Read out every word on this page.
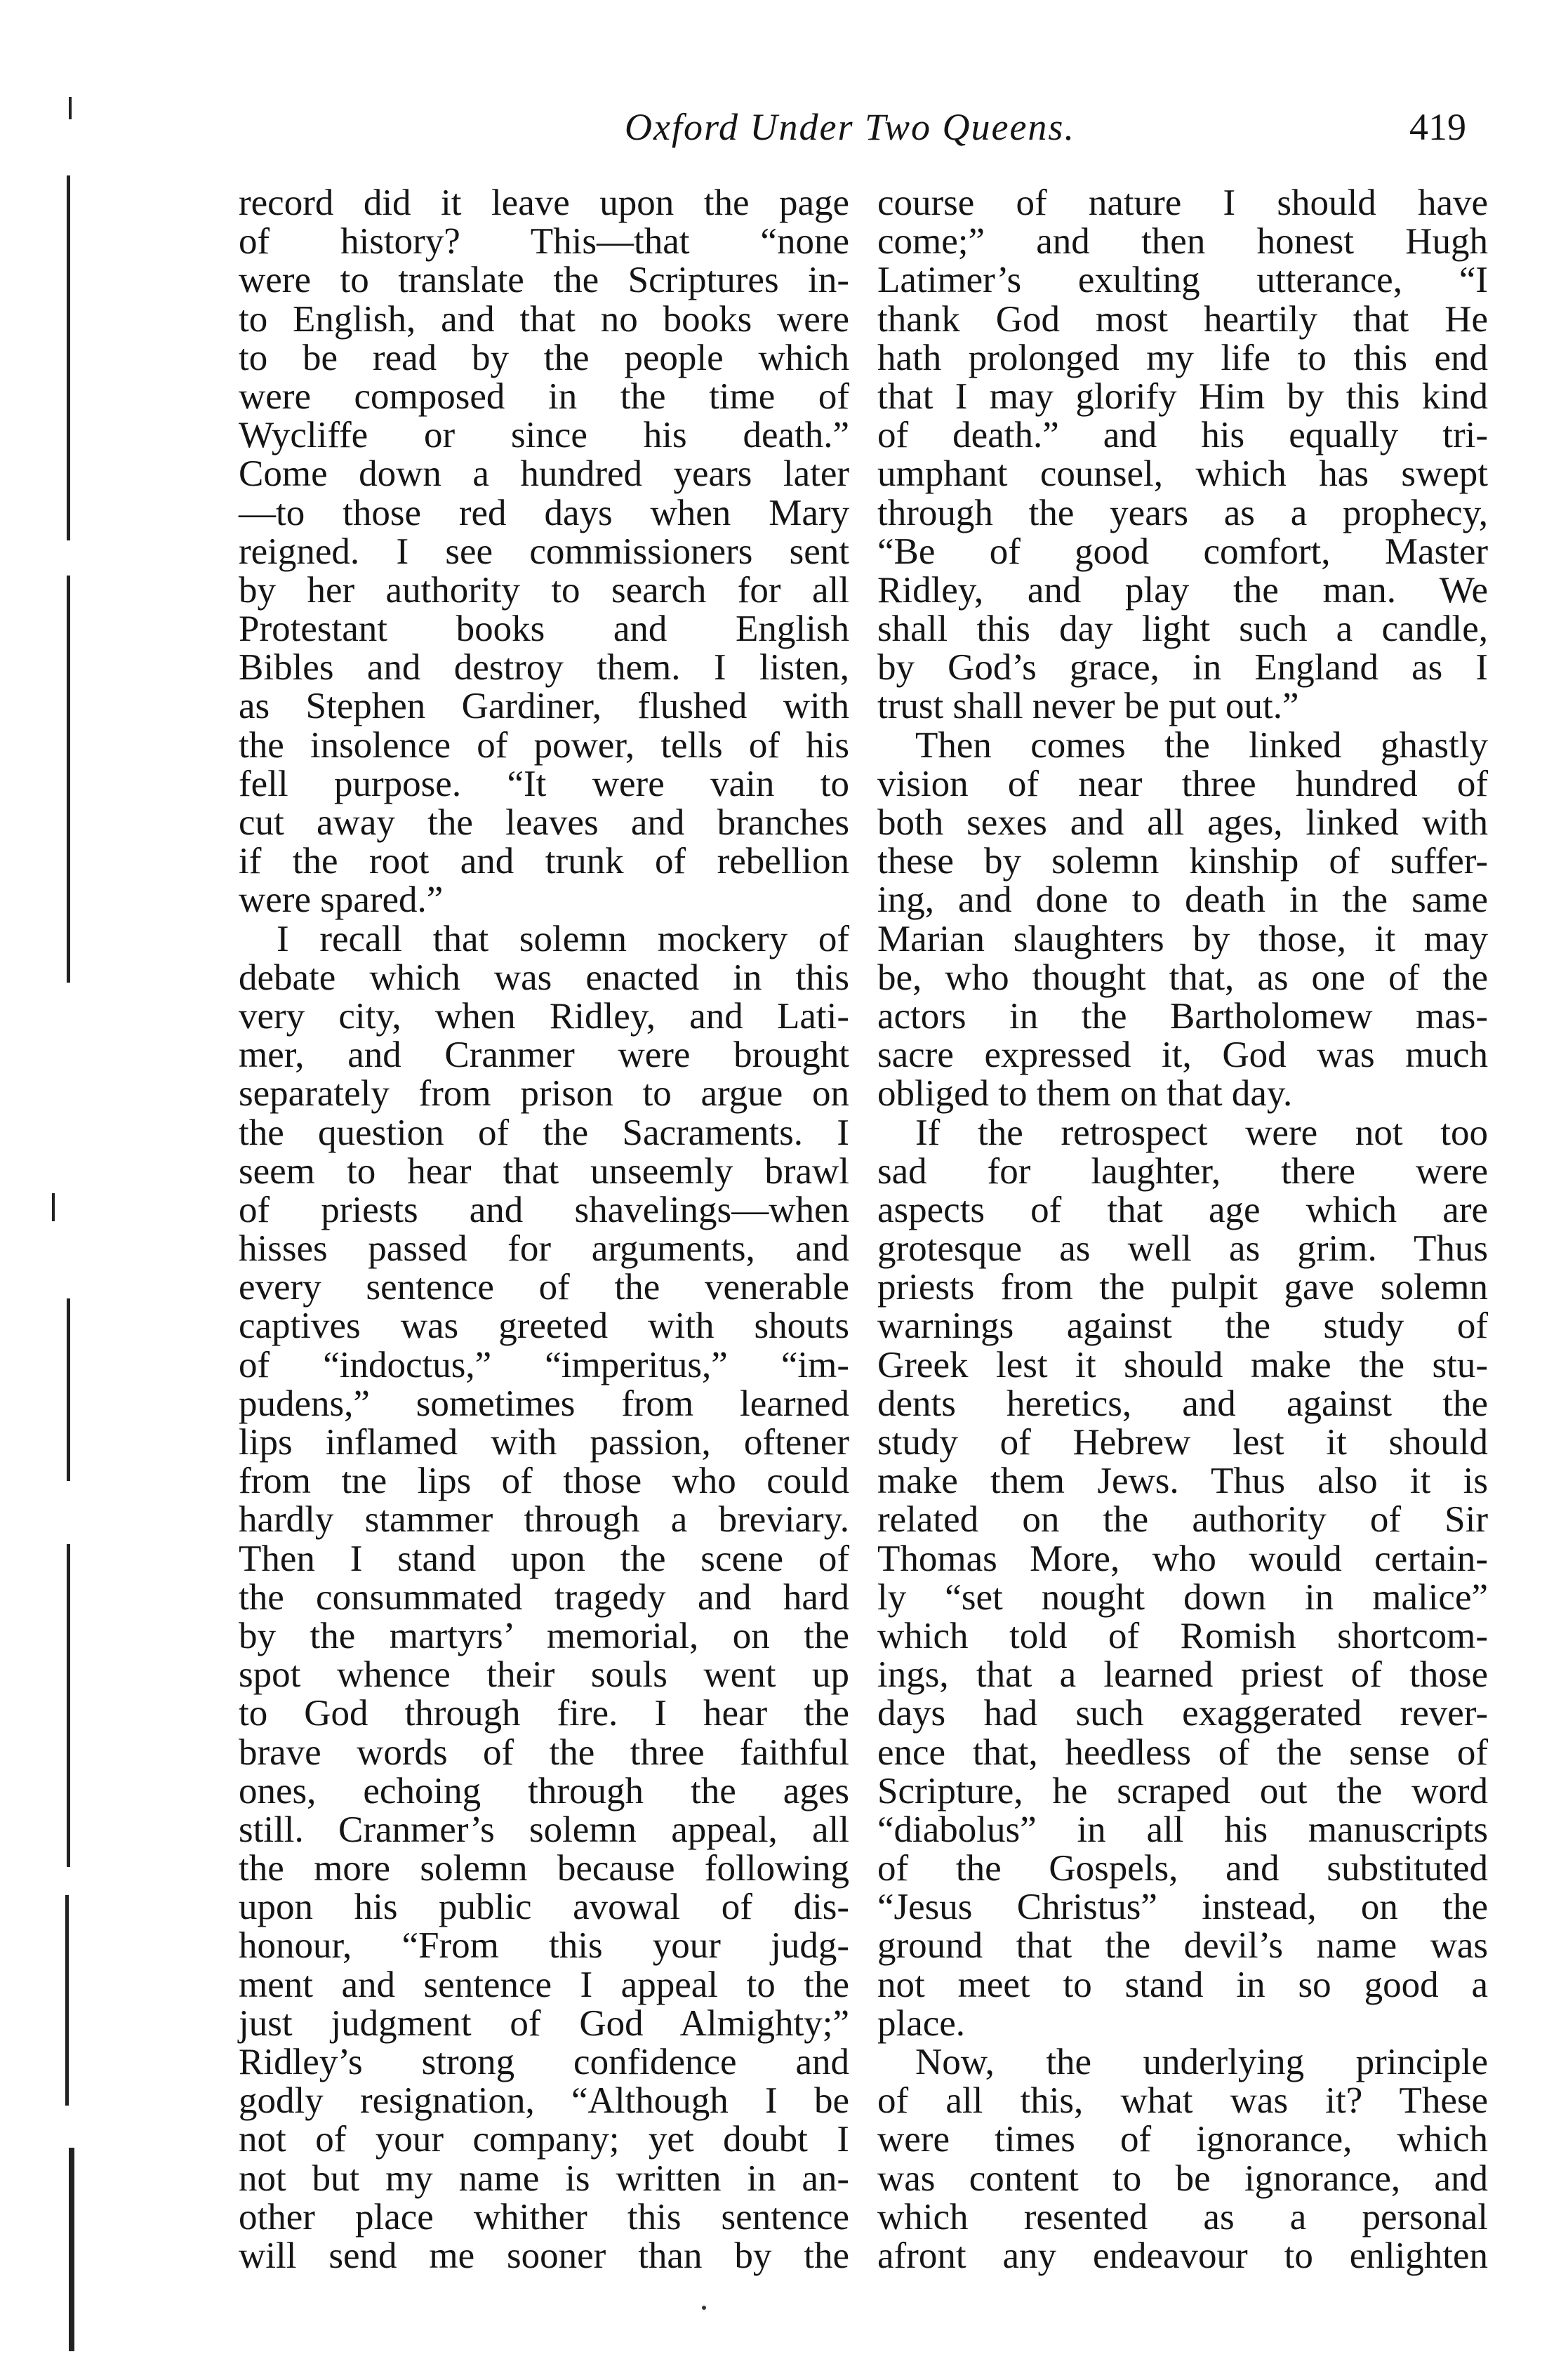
Oxford Under Two Queens.	419
record did it leave upon the page
of history? This—that “none
were to translate the Scriptures in-
to English, and that no books were
to be read by the people which
were composed in the time of
Wycliffe or since his death.”
Come down a hundred years later
—to those red days when Mary
reigned. I see commissioners sent
by her authority to search for all
Protestant books and English
Bibles and destroy them. I listen,
as Stephen Gardiner, flushed with
the insolence of power, tells of his
fell purpose. “It were vain to
cut away the leaves and branches
if the root and trunk of rebellion
were spared.”
I recall that solemn mockery of
debate which was enacted in this
very city, when Ridley, and Lati-
mer, and Cranmer were brought
separately from prison to argue on
the question of the Sacraments. I
seem to hear that unseemly brawl
of priests and shavelings—when
hisses passed for arguments, and
every sentence of the venerable
captives was greeted with shouts
of “indoctus,” “imperitus,” “im-
pudens,” sometimes from learned
lips inflamed with passion, oftener
from tne lips of those who could
hardly stammer through a breviary.
Then I stand upon the scene of
the consummated tragedy and hard
by the martyrs’ memorial, on the
spot whence their souls went up
to God through fire. I hear the
brave words of the three faithful
ones, echoing through the ages
still. Cranmer’s solemn appeal, all
the more solemn because following
upon his public avowal of dis-
honour, “From this your judg-
ment and sentence I appeal to the
just judgment of God Almighty;”
Ridley’s strong confidence and
godly resignation, “Although I be
not of your company; yet doubt I
not but my name is written in an-
other place whither this sentence
will send me sooner than by the
course of nature I should have
come;” and then honest Hugh
Latimer’s exulting utterance, “I
thank God most heartily that He
hath prolonged my life to this end
that I may glorify Him by this kind
of death.” and his equally tri-
umphant counsel, which has swept
through the years as a prophecy,
“Be of good comfort, Master
Ridley, and play the man. We
shall this day light such a candle,
by God’s grace, in England as I
trust shall never be put out.”
Then comes the linked ghastly
vision of near three hundred of
both sexes and all ages, linked with
these by solemn kinship of suffer-
ing, and done to death in the same
Marian slaughters by those, it may
be, who thought that, as one of the
actors in the Bartholomew mas-
sacre expressed it, God was much
obliged to them on that day.
If the retrospect were not too
sad for laughter, there were
aspects of that age which are
grotesque as well as grim. Thus
priests from the pulpit gave solemn
warnings against the study of
Greek lest it should make the stu-
dents heretics, and against the
study of Hebrew lest it should
make them Jews. Thus also it is
related on the authority of Sir
Thomas More, who would certain-
ly “set nought down in malice”
which told of Romish shortcom-
ings, that a learned priest of those
days had such exaggerated rever-
ence that, heedless of the sense of
Scripture, he scraped out the word
“diabolus” in all his manuscripts
of the Gospels, and substituted
“Jesus Christus” instead, on the
ground that the devil’s name was
not meet to stand in so good a
place.
Now, the underlying principle
of all this, what was it? These
were times of ignorance, which
was content to be ignorance, and
which resented as a personal
afront any endeavour to enlighten
